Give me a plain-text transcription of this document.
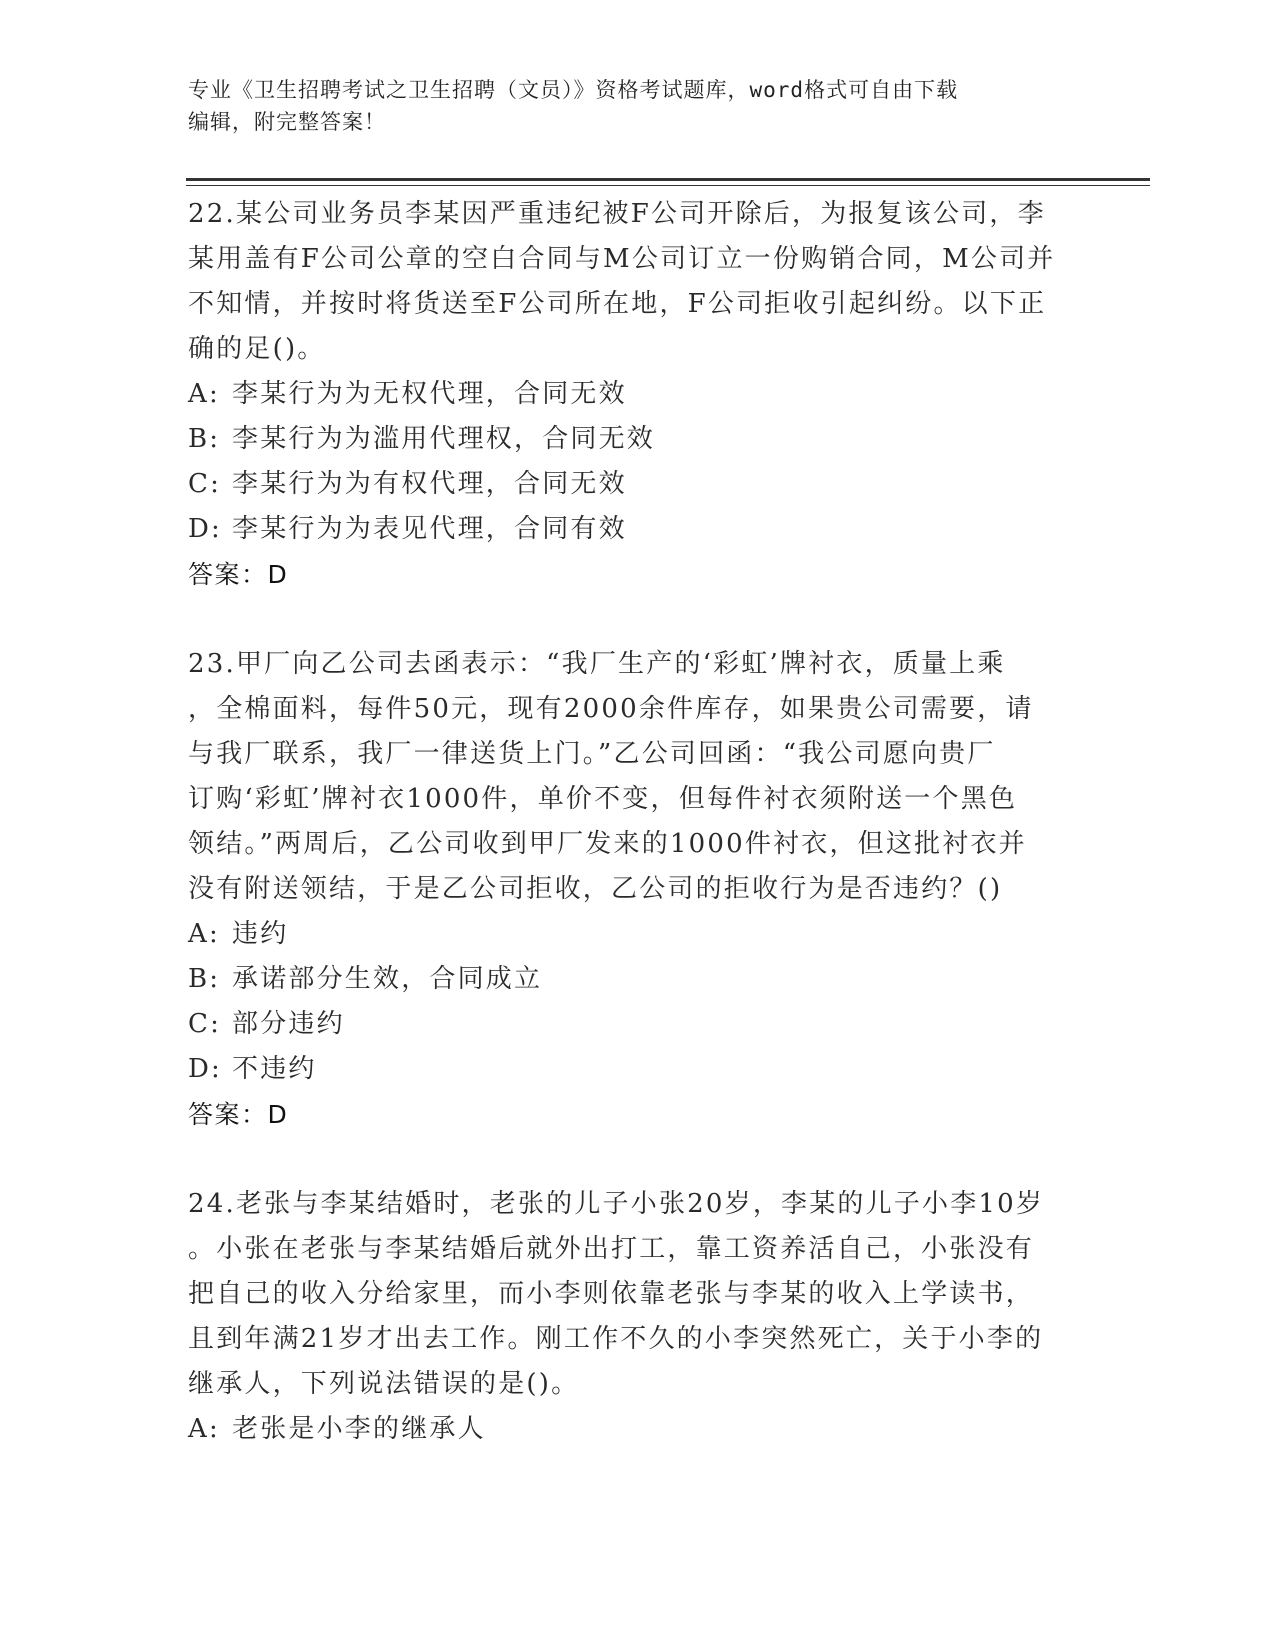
专业《卫生招聘考试之卫生招聘（文员）》资格考试题库，word格式可自由下载
编辑，附完整答案！

22.某公司业务员李某因严重违纪被F公司开除后，为报复该公司，李

某用盖有F公司公章的空白合同与M公司订立一份购销合同，M公司并

不知情，并按时将货送至F公司所在地，F公司拒收引起纠纷。以下正

确的足()。

A: 李某行为为无权代理，合同无效

B: 李某行为为滥用代理权，合同无效

C: 李某行为为有权代理，合同无效

D: 李某行为为表见代理，合同有效

答案：D

23.甲厂向乙公司去函表示：“我厂生产的‘彩虹’牌衬衣，质量上乘

，全棉面料，每件50元，现有2000余件库存，如果贵公司需要，请

与我厂联系，我厂一律送货上门。”乙公司回函：“我公司愿向贵厂

订购‘彩虹’牌衬衣1000件，单价不变，但每件衬衣须附送一个黑色

领结。”两周后，乙公司收到甲厂发来的1000件衬衣，但这批衬衣并

没有附送领结，于是乙公司拒收，乙公司的拒收行为是否违约？()

A: 违约

B: 承诺部分生效，合同成立

C: 部分违约

D: 不违约

答案：D

24.老张与李某结婚时，老张的儿子小张20岁，李某的儿子小李10岁

。小张在老张与李某结婚后就外出打工，靠工资养活自己，小张没有

把自己的收入分给家里，而小李则依靠老张与李某的收入上学读书，

且到年满21岁才出去工作。刚工作不久的小李突然死亡，关于小李的

继承人，下列说法错误的是()。

A: 老张是小李的继承人
